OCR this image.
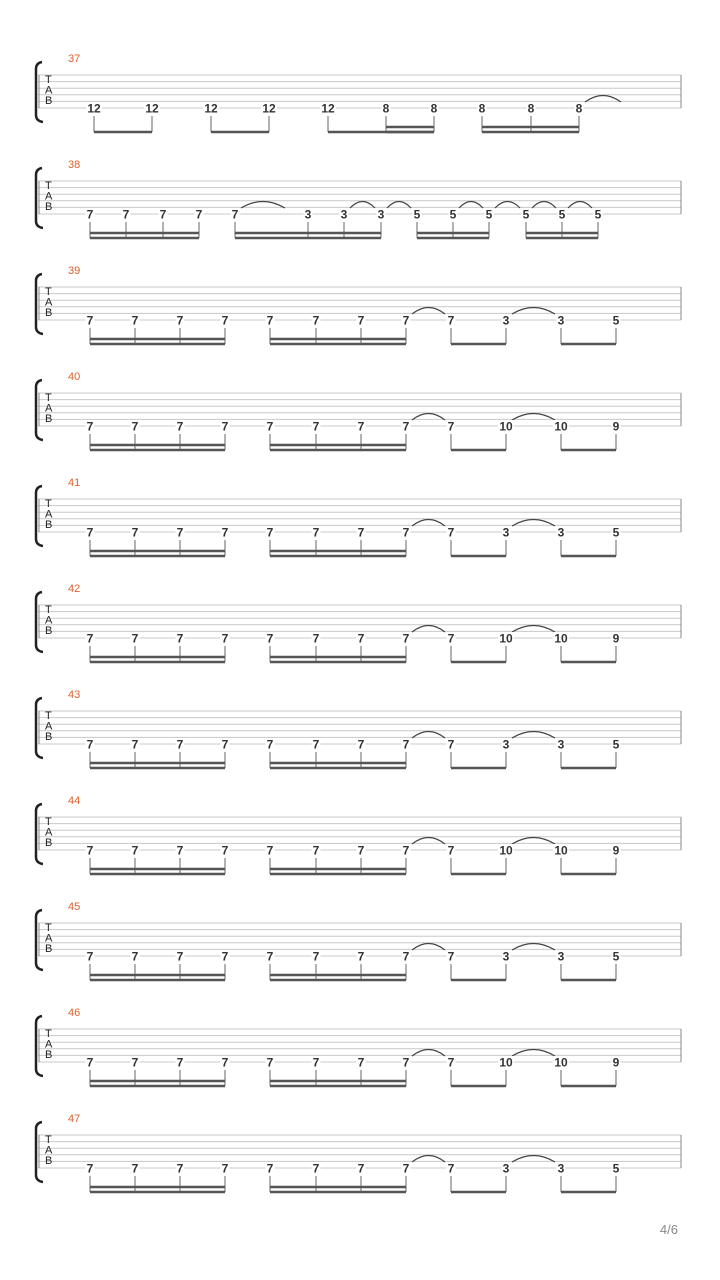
37
T
A
B
12	12	12	12	12	8	8	8	8	8
38
T
A
B
7 7	7 7 7	3 3	3 5 5 5	5 5 5
39
T
A
B
7	7	7	7	7	7	7	7	7	3	3	5
40
T
A
B
7	7	7	7	7	7	7	7	7	10	10	9
41
T
A
B
7	7	7	7	7	7	7	7	7	3	3	5
42
T
A
B
7	7	7	7	7	7	7	7	7	10	10	9
43
T
A
B
7	7	7	7	7	7	7	7	7	3	3	5
44
T
A
B
7	7	7	7	7	7	7	7	7	10	10	9
45
T
A
B
7	7	7	7	7	7	7	7	7	3	3	5
46
T
A
B
7	7	7	7	7	7	7	7	7	10	10	9
47
T
A
B
7	7	7	7	7	7	7	7	7	3	3	5
4/6
